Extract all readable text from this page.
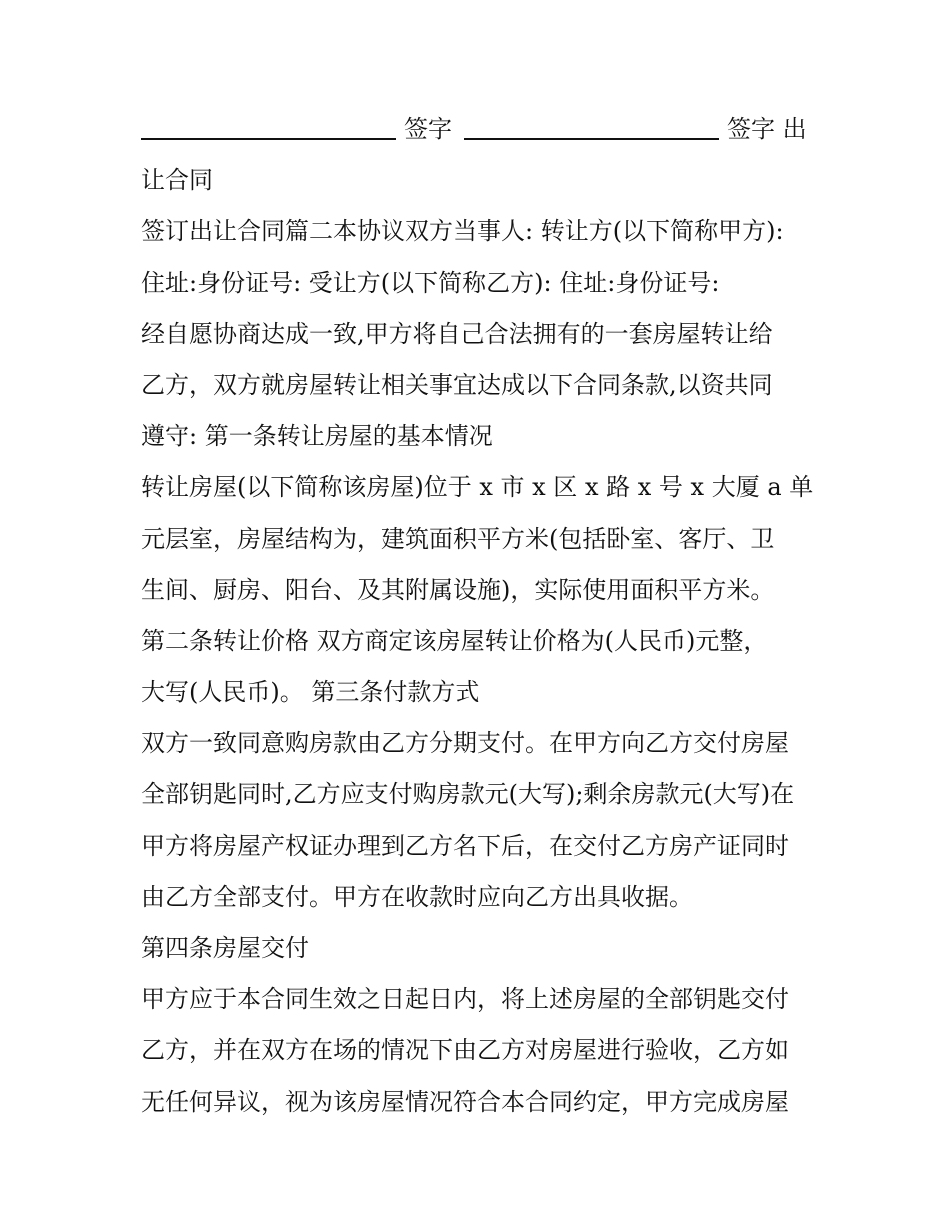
签字	签字 出
让合同
签订出让合同篇二本协议双方当事人: 转让方(以下简称甲方):
住址:身份证号: 受让方(以下简称乙方): 住址:身份证号:
经自愿协商达成一致,甲方将自己合法拥有的一套房屋转让给
乙方，双方就房屋转让相关事宜达成以下合同条款,以资共同
遵守: 第一条转让房屋的基本情况
转让房屋(以下简称该房屋)位于 x 市 x 区 x 路 x 号 x 大厦 a 单
元层室，房屋结构为，建筑面积平方米(包括卧室、客厅、卫
生间、厨房、阳台、及其附属设施)，实际使用面积平方米。
第二条转让价格 双方商定该房屋转让价格为(人民币)元整，
大写(人民币)。 第三条付款方式
双方一致同意购房款由乙方分期支付。在甲方向乙方交付房屋
全部钥匙同时,乙方应支付购房款元(大写);剩余房款元(大写)在
甲方将房屋产权证办理到乙方名下后，在交付乙方房产证同时
由乙方全部支付。甲方在收款时应向乙方出具收据。
第四条房屋交付
甲方应于本合同生效之日起日内，将上述房屋的全部钥匙交付
乙方，并在双方在场的情况下由乙方对房屋进行验收，乙方如
无任何异议，视为该房屋情况符合本合同约定，甲方完成房屋
